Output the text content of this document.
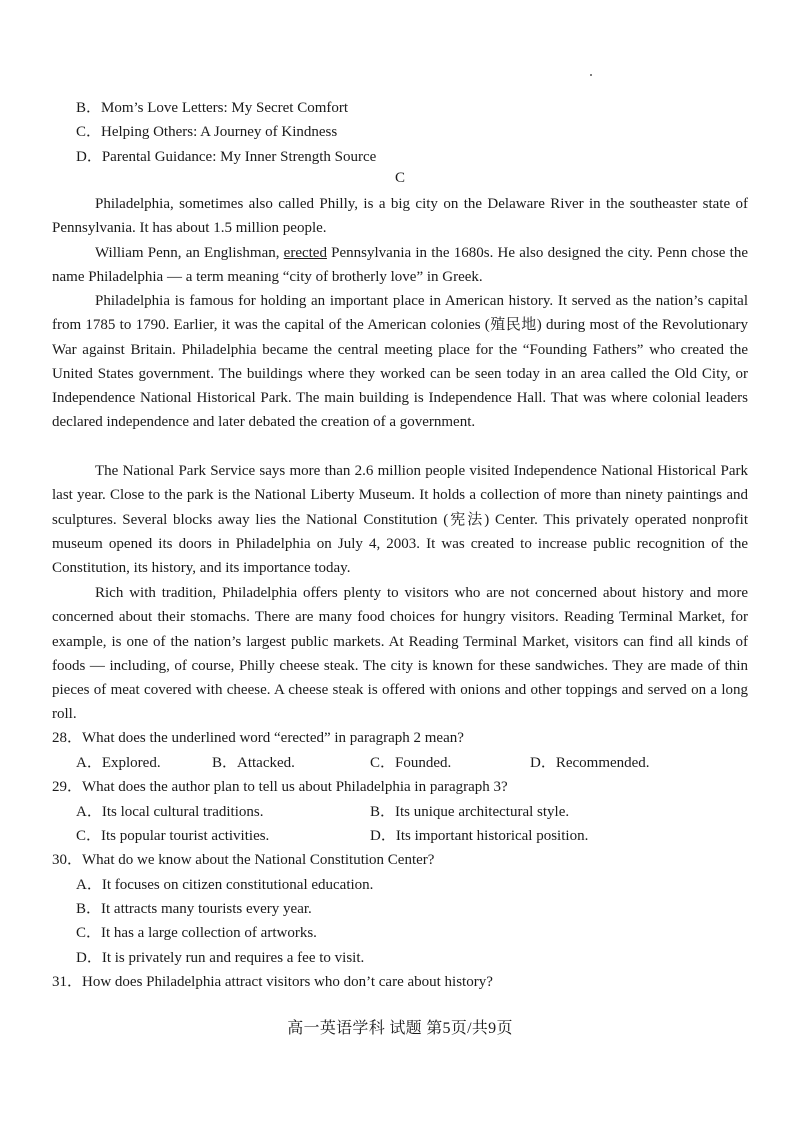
B．Mom’s Love Letters: My Secret Comfort
C．Helping Others: A Journey of Kindness
D．Parental Guidance: My Inner Strength Source
C
Philadelphia, sometimes also called Philly, is a big city on the Delaware River in the southeaster state of Pennsylvania. It has about 1.5 million people.
William Penn, an Englishman, erected Pennsylvania in the 1680s. He also designed the city. Penn chose the name Philadelphia — a term meaning “city of brotherly love” in Greek.
Philadelphia is famous for holding an important place in American history. It served as the nation’s capital from 1785 to 1790. Earlier, it was the capital of the American colonies (殖民地) during most of the Revolutionary War against Britain. Philadelphia became the central meeting place for the “Founding Fathers” who created the United States government. The buildings where they worked can be seen today in an area called the Old City, or Independence National Historical Park. The main building is Independence Hall. That was where colonial leaders declared independence and later debated the creation of a government.
The National Park Service says more than 2.6 million people visited Independence National Historical Park last year. Close to the park is the National Liberty Museum. It holds a collection of more than ninety paintings and sculptures. Several blocks away lies the National Constitution (宪法) Center. This privately operated nonprofit museum opened its doors in Philadelphia on July 4, 2003. It was created to increase public recognition of the Constitution, its history, and its importance today.
Rich with tradition, Philadelphia offers plenty to visitors who are not concerned about history and more concerned about their stomachs. There are many food choices for hungry visitors. Reading Terminal Market, for example, is one of the nation’s largest public markets. At Reading Terminal Market, visitors can find all kinds of foods — including, of course, Philly cheese steak. The city is known for these sandwiches. They are made of thin pieces of meat covered with cheese. A cheese steak is offered with onions and other toppings and served on a long roll.
28．What does the underlined word “erected” in paragraph 2 mean?
A．Explored.	B．Attacked.	C．Founded.	D．Recommended.
29．What does the author plan to tell us about Philadelphia in paragraph 3?
A．Its local cultural traditions.	B．Its unique architectural style.
C．Its popular tourist activities.	D．Its important historical position.
30．What do we know about the National Constitution Center?
A．It focuses on citizen constitutional education.
B．It attracts many tourists every year.
C．It has a large collection of artworks.
D．It is privately run and requires a fee to visit.
31．How does Philadelphia attract visitors who don’t care about history?
高一英语学科 试题 第5页/共9页
